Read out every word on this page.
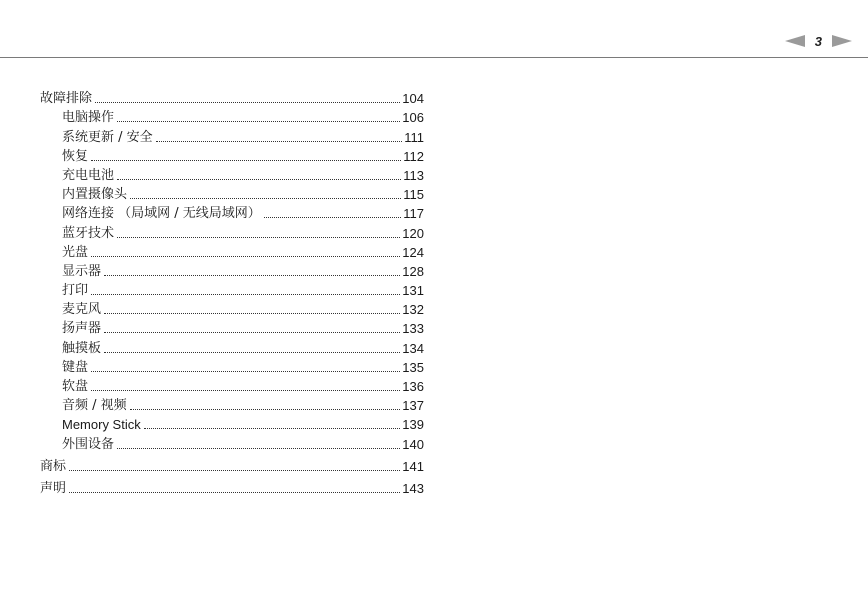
3
故障排除	104
电脑操作	106
系统更新 / 安全	111
恢复	112
充电电池	113
内置摄像头	115
网络连接 （局域网 / 无线局域网）	117
蓝牙技术	120
光盘	124
显示器	128
打印	131
麦克风	132
扬声器	133
触摸板	134
键盘	135
软盘	136
音频 / 视频	137
Memory Stick	139
外围设备	140
商标	141
声明	143
